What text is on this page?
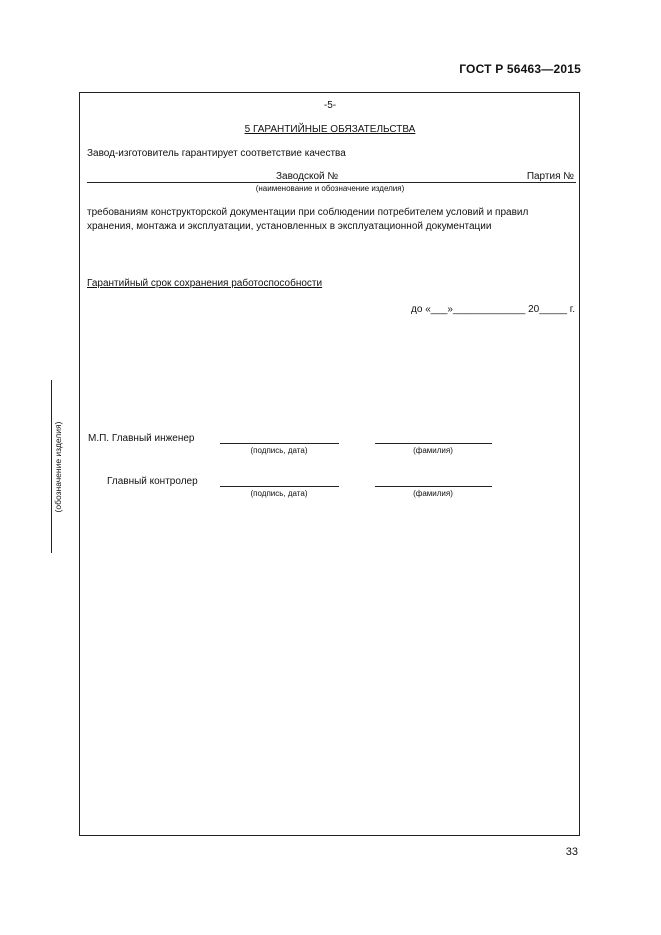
ГОСТ Р 56463—2015
(обозначение изделия)
-5-
5 ГАРАНТИЙНЫЕ ОБЯЗАТЕЛЬСТВА
Завод-изготовитель гарантирует соответствие качества
Заводской №	Партия №
(наименование и обозначение изделия)
требованиям конструкторской документации при соблюдении потребителем условий и правил хранения, монтажа и эксплуатации, установленных в эксплуатационной документации
Гарантийный срок сохранения работоспособности
до «___»_____________ 20_____ г.
М.П. Главный инженер
(подпись, дата)	(фамилия)
Главный контролер
(подпись, дата)	(фамилия)
33
